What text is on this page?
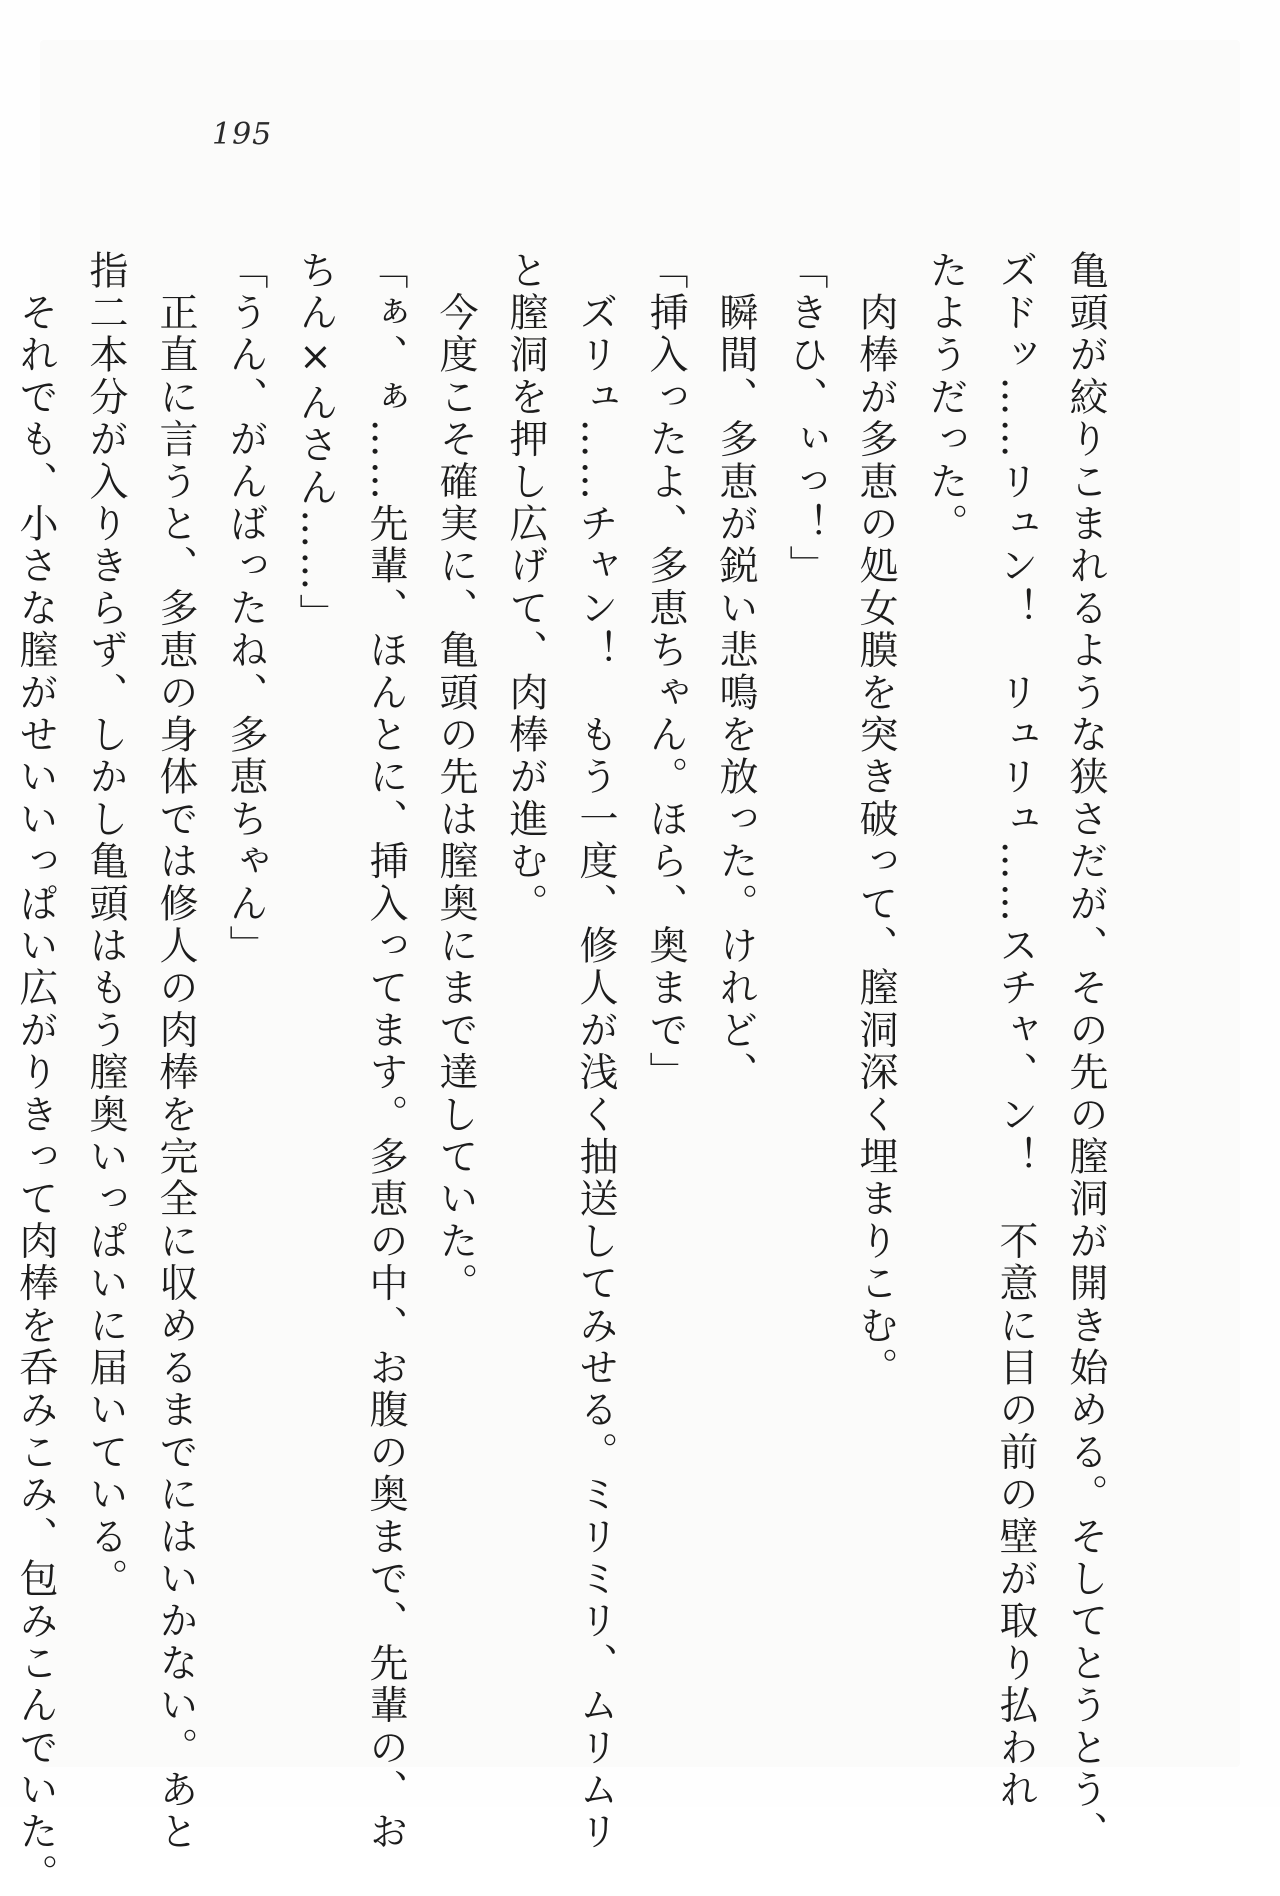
195
亀頭が絞りこまれるような狭さだが、その先の膣洞が開き始める。そしてとうとう、
ズドッ……リュン！　リュリュ……スチャ、ン！　不意に目の前の壁が取り払われ
たようだった。
　肉棒が多恵の処女膜を突き破って、膣洞深く埋まりこむ。
「きひ、ぃっ！」
　瞬間、多恵が鋭い悲鳴を放った。けれど、
「挿入ったよ、多恵ちゃん。ほら、奥まで」
　ズリュ……チャン！　もう一度、修人が浅く抽送してみせる。ミリミリ、ムリムリ
と膣洞を押し広げて、肉棒が進む。
　今度こそ確実に、亀頭の先は膣奥にまで達していた。
「ぁ、ぁ……先輩、ほんとに、挿入ってます。多恵の中、お腹の奥まで、先輩の、お
ちん×んさん……」
「うん、がんばったね、多恵ちゃん」
　正直に言うと、多恵の身体では修人の肉棒を完全に収めるまでにはいかない。あと
指二本分が入りきらず、しかし亀頭はもう膣奥いっぱいに届いている。
　それでも、小さな膣がせいいっぱい広がりきって肉棒を呑みこみ、包みこんでいた。
